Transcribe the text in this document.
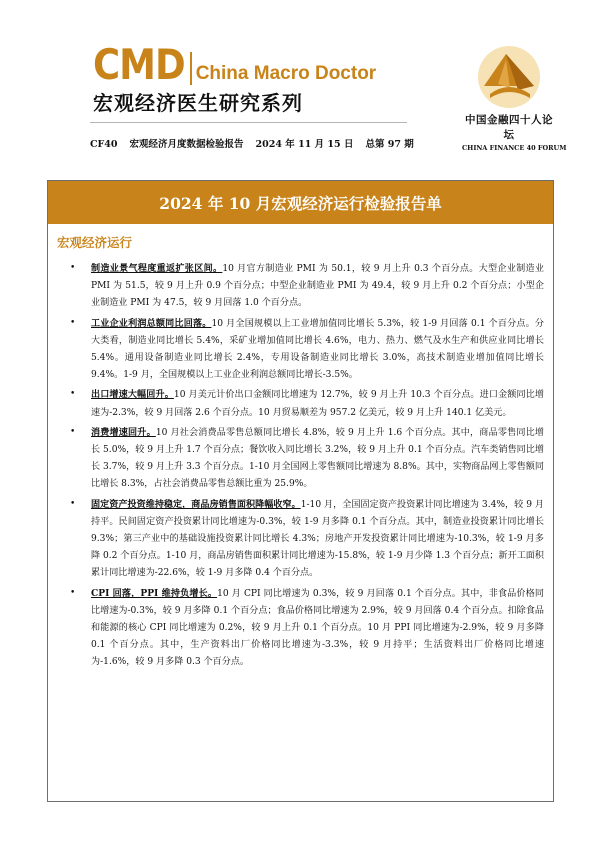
CMD China Macro Doctor
宏观经济医生研究系列
CF40 宏观经济月度数据检验报告 2024 年 11 月 15 日 总第 97 期
中国金融四十人论坛
CHINA FINANCE 40 FORUM
2024 年 10 月宏观经济运行检验报告单
宏观经济运行
• 制造业景气程度重返扩张区间。10 月官方制造业 PMI 为 50.1，较 9 月上升 0.3 个百分点。大型企业制造业 PMI 为 51.5，较 9 月上升 0.9 个百分点；中型企业制造业 PMI 为 49.4，较 9 月上升 0.2 个百分点；小型企业制造业 PMI 为 47.5，较 9 月回落 1.0 个百分点。
• 工业企业利润总额同比回落。10 月全国规模以上工业增加值同比增长 5.3%，较 1-9 月回落 0.1 个百分点。分大类看，制造业同比增长 5.4%，采矿业增加值同比增长 4.6%，电力、热力、燃气及水生产和供应业同比增长 5.4%。通用设备制造业同比增长 2.4%，专用设备制造业同比增长 3.0%，高技术制造业增加值同比增长 9.4%。1-9 月，全国规模以上工业企业利润总额同比增长-3.5%。
• 出口增速大幅回升。10 月美元计价出口金额同比增速为 12.7%，较 9 月上升 10.3 个百分点。进口金额同比增速为-2.3%，较 9 月回落 2.6 个百分点。10 月贸易顺差为 957.2 亿美元，较 9 月上升 140.1 亿美元。
• 消费增速回升。10 月社会消费品零售总额同比增长 4.8%，较 9 月上升 1.6 个百分点。其中，商品零售同比增长 5.0%，较 9 月上升 1.7 个百分点；餐饮收入同比增长 3.2%，较 9 月上升 0.1 个百分点。汽车类销售同比增长 3.7%，较 9 月上升 3.3 个百分点。1-10 月全国网上零售额同比增速为 8.8%。其中，实物商品网上零售额同比增长 8.3%，占社会消费品零售总额比重为 25.9%。
• 固定资产投资维持稳定，商品房销售面积降幅收窄。1-10 月，全国固定资产投资累计同比增速为 3.4%，较 9 月持平。民间固定资产投资累计同比增速为-0.3%，较 1-9 月多降 0.1 个百分点。其中，制造业投资累计同比增长 9.3%；第三产业中的基础设施投资累计同比增长 4.3%；房地产开发投资累计同比增速为-10.3%，较 1-9 月多降 0.2 个百分点。1-10 月，商品房销售面积累计同比增速为-15.8%，较 1-9 月少降 1.3 个百分点；新开工面积累计同比增速为-22.6%，较 1-9 月多降 0.4 个百分点。
• CPI 回落，PPI 维持负增长。10 月 CPI 同比增速为 0.3%，较 9 月回落 0.1 个百分点。其中，非食品价格同比增速为-0.3%，较 9 月多降 0.1 个百分点；食品价格同比增速为 2.9%，较 9 月回落 0.4 个百分点。扣除食品和能源的核心 CPI 同比增速为 0.2%，较 9 月上升 0.1 个百分点。10 月 PPI 同比增速为-2.9%，较 9 月多降 0.1 个百分点。其中，生产资料出厂价格同比增速为-3.3%，较 9 月持平；生活资料出厂价格同比增速为-1.6%，较 9 月多降 0.3 个百分点。
